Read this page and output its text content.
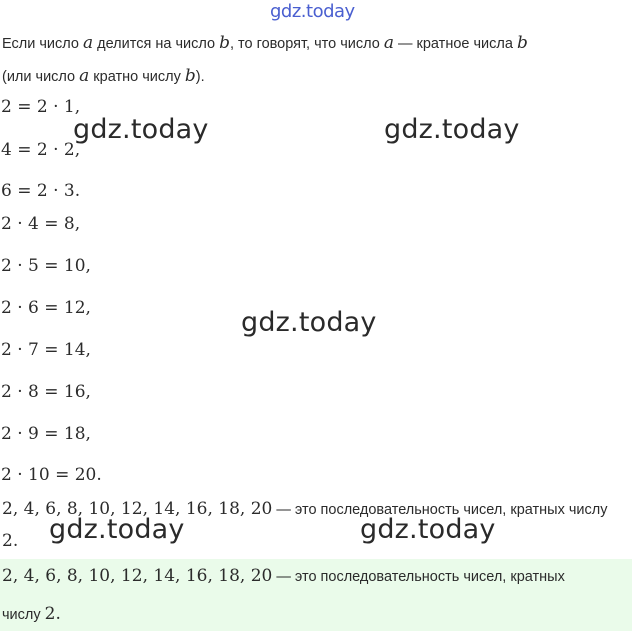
gdz.today
Если число a делится на число b, то говорят, что число a — кратное числа b
(или число a кратно числу b).
2 = 2 · 1,
4 = 2 · 2,
6 = 2 · 3.
2 · 4 = 8,
2 · 5 = 10,
2 · 6 = 12,
2 · 7 = 14,
2 · 8 = 16,
2 · 9 = 18,
2 · 10 = 20.
2, 4, 6, 8, 10, 12, 14, 16, 18, 20 — это последовательность чисел, кратных числу
2.
gdz.today	gdz.today
gdz.today
gdz.today	gdz.today
2, 4, 6, 8, 10, 12, 14, 16, 18, 20 — это последовательность чисел, кратных
числу 2.
